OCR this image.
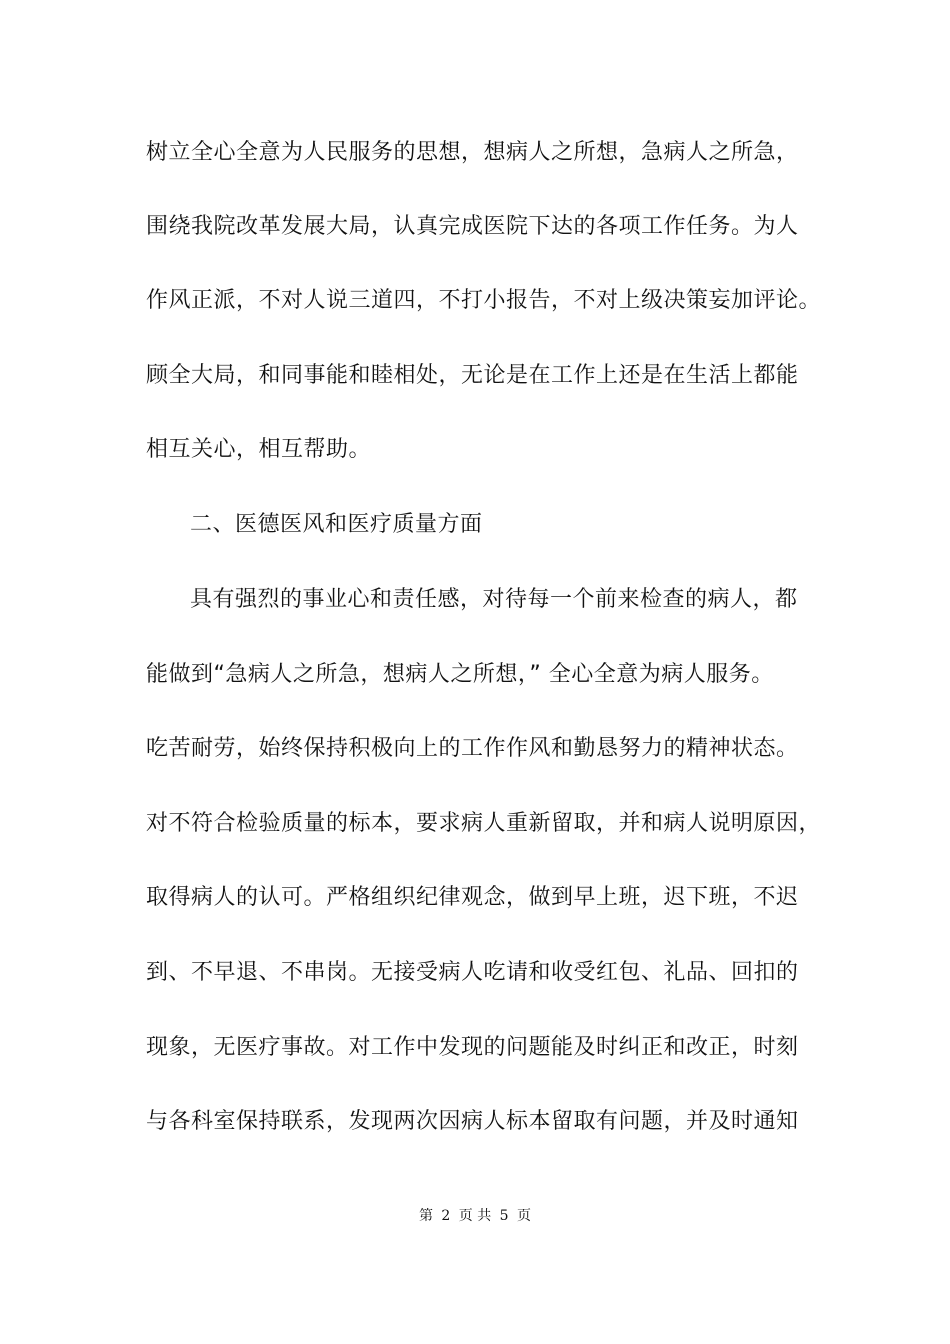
树立全心全意为人民服务的思想，想病人之所想，急病人之所急，
围绕我院改革发展大局，认真完成医院下达的各项工作任务。为人
作风正派，不对人说三道四，不打小报告，不对上级决策妄加评论。
顾全大局，和同事能和睦相处，无论是在工作上还是在生活上都能
相互关心，相互帮助。
二、医德医风和医疗质量方面
具有强烈的事业心和责任感，对待每一个前来检查的病人，都
能做到“急病人之所急，想病人之所想，” 全心全意为病人服务。
吃苦耐劳，始终保持积极向上的工作作风和勤恳努力的精神状态。
对不符合检验质量的标本，要求病人重新留取，并和病人说明原因，
取得病人的认可。严格组织纪律观念，做到早上班，迟下班，不迟
到、不早退、不串岗。无接受病人吃请和收受红包、礼品、回扣的
现象，无医疗事故。对工作中发现的问题能及时纠正和改正，时刻
与各科室保持联系，发现两次因病人标本留取有问题，并及时通知
第 2 页 共 5 页
